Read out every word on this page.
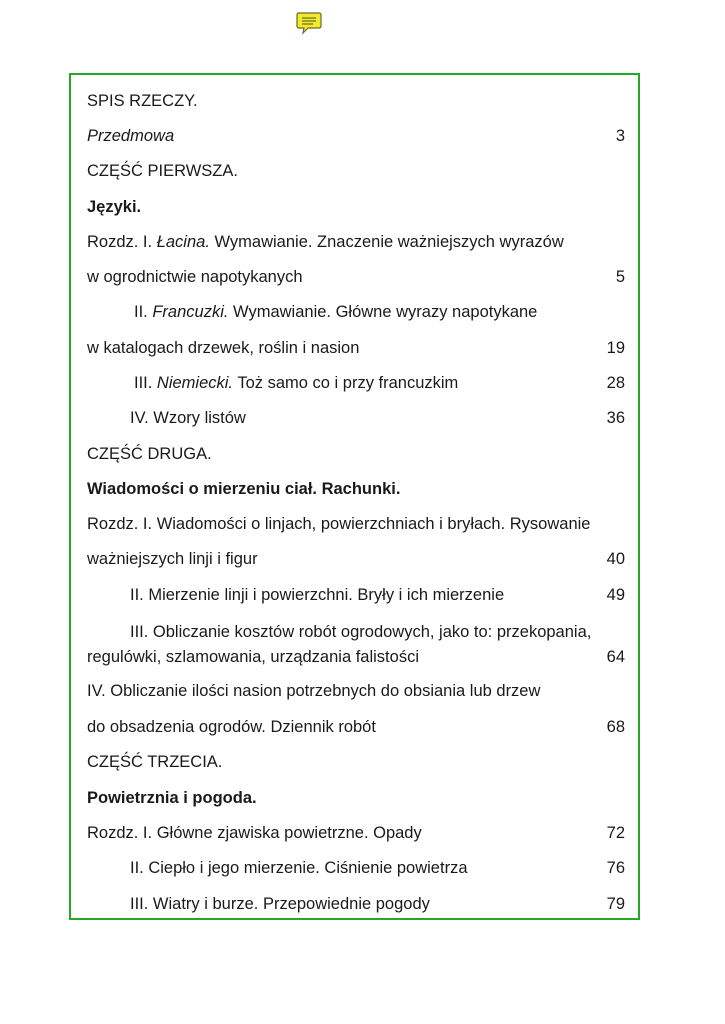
SPIS RZECZY.
Przedmowa	3
CZĘŚĆ PIERWSZA.
Języki.
Rozdz. I. Łacina. Wymawianie. Znaczenie ważniejszych wyrazów
w ogrodnictwie napotykanych	5
II. Francuzki. Wymawianie. Główne wyrazy napotykane
w katalogach drzewek, roślin i nasion	19
III. Niemiecki. Toż samo co i przy francuzkim	28
IV. Wzory listów	36
CZĘŚĆ DRUGA.
Wiadomości o mierzeniu ciał. Rachunki.
Rozdz. I. Wiadomości o linjach, powierzchniach i bryłach. Rysowanie
ważniejszych linji i figur	40
II. Mierzenie linji i powierzchni. Bryły i ich mierzenie	49
III. Obliczanie kosztów robót ogrodowych, jako to: przekopania,
regulówki, szlamowania, urządzania falistości	64
IV. Obliczanie ilości nasion potrzebnych do obsiania lub drzew
do obsadzenia ogrodów. Dziennik robót	68
CZĘŚĆ TRZECIA.
Powietrznia i pogoda.
Rozdz. I. Główne zjawiska powietrzne. Opady	72
II. Ciepło i jego mierzenie. Ciśnienie powietrza	76
III. Wiatry i burze. Przepowiednie pogody	79
